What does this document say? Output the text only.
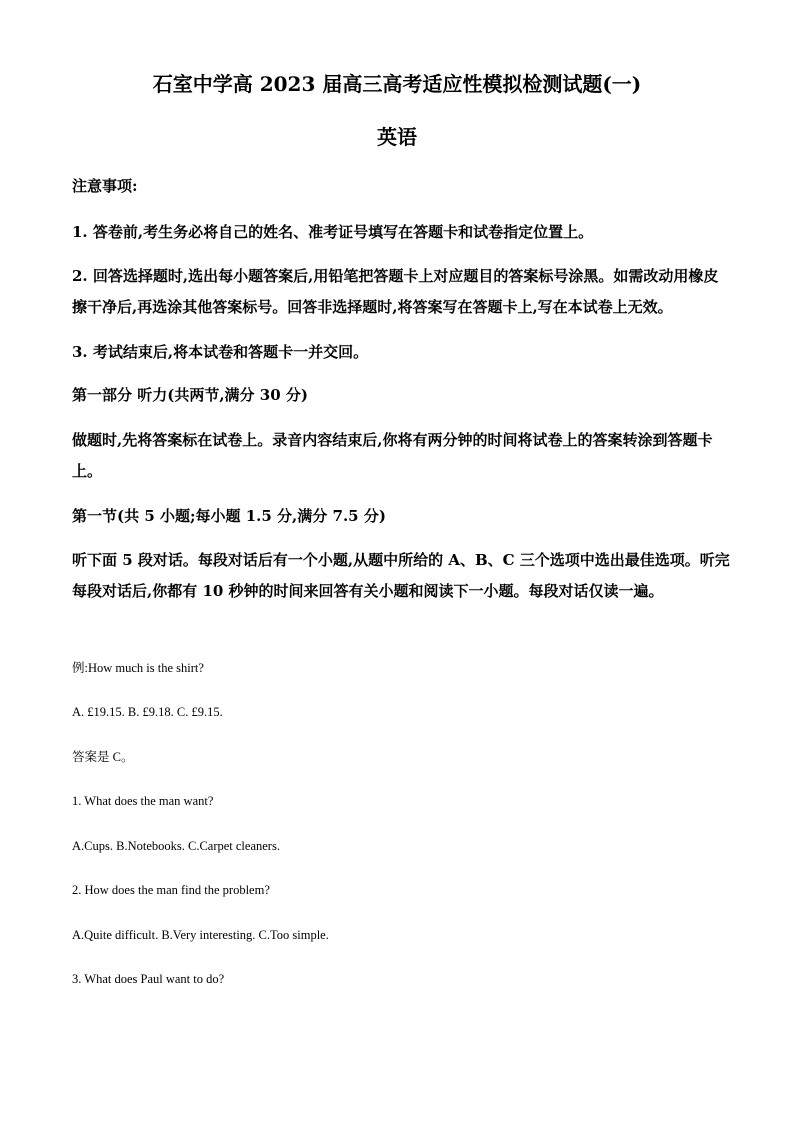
石室中学高 2023 届高三高考适应性模拟检测试题(一)
英语

注意事项:

1. 答卷前,考生务必将自己的姓名、准考证号填写在答题卡和试卷指定位置上。

2. 回答选择题时,选出每小题答案后,用铅笔把答题卡上对应题目的答案标号涂黑。如需改动用橡皮擦干净后,再选涂其他答案标号。回答非选择题时,将答案写在答题卡上,写在本试卷上无效。

3. 考试结束后,将本试卷和答题卡一并交回。

第一部分 听力(共两节,满分 30 分)

做题时,先将答案标在试卷上。录音内容结束后,你将有两分钟的时间将试卷上的答案转涂到答题卡上。

第一节(共 5 小题;每小题 1.5 分,满分 7.5 分)

听下面 5 段对话。每段对话后有一个小题,从题中所给的 A、B、C 三个选项中选出最佳选项。听完每段对话后,你都有 10 秒钟的时间来回答有关小题和阅读下一小题。每段对话仅读一遍。

例:How much is the shirt?

A. £19.15. B. £9.18. C. £9.15.

答案是 C。

1. What does the man want?

A.Cups. B.Notebooks. C.Carpet cleaners.

2. How does the man find the problem?

A.Quite difficult. B.Very interesting. C.Too simple.

3. What does Paul want to do?
